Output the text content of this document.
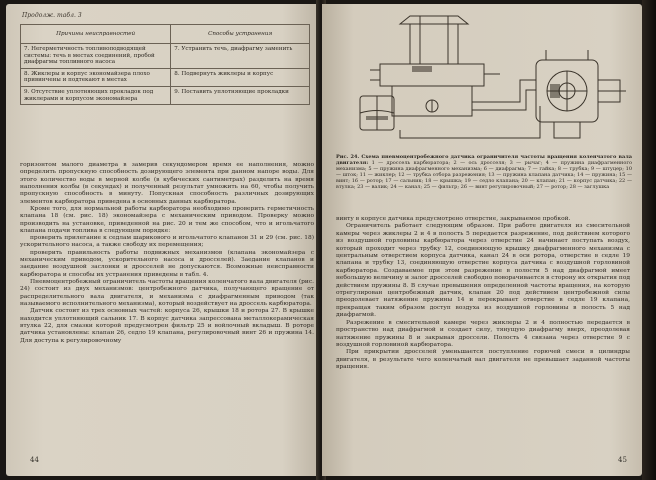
Продолж. табл. 3
Причины неисправностей	Способы устранения
7. Негерметичность топливоподводящей системы: течь в местах соединений, пробой диафрагмы топливного насоса	7. Устранить течь, диафрагму заменить
8. Жиклеры и корпус экономайзера плохо привинчены и подтекают в местах	8. Подвернуть жиклеры и корпус
9. Отсутствие уплотняющих прокладок под жиклерами и корпусом экономайзера	9. Поставить уплотняющие прокладки

горизонтом малого диаметра в замерив секундомером время ее наполнения, можно определить пропускную способность дозирующего элемента при данном напоре воды. Для этого количество воды в мерной колбе (в кубических сантиметрах) разделить на время наполнения колбы (в секундах) и полученный результат умножить на 60, чтобы получить пропускную способность в минуту. Попускная способность различных дозирующих элементов карбюратора приведена в основных данных карбюратора.

Кроме того, для нормальной работы карбюратора необходимо проверить герметичность клапана 18 (см. рис. 18) экономайзера с механическим приводом. Проверку можно производить на установке, приведенной на рис. 20 и тем же способом, что и игольчатого клапана подачи топлива в следующем порядке:

проверить прилегание к седлам шарикового и игольчатого клапанов 31 и 29 (см. рис. 18) ускорительного насоса, а также свободу их перемещения;

проверить правильность работы подвижных механизмов (клапана экономайзера с механическим приводом, ускорительного насоса и дросселей). Заедание клапанов и заедание воздушной заслонки и дросселей не допускаются. Возможные неисправности карбюратора и способы их устранения приведены в табл. 4.

Пневмоцентробежный ограничитель частоты вращения коленчатого вала двигателя (рис. 24) состоит из двух механизмов: центробежного датчика, получающего вращение от распределительного вала двигателя, и механизма с диафрагменным приводом (так называемого исполнительного механизма), который воздействует на дроссель карбюратора.

Датчик состоит из трех основных частей: корпуса 26, крышки 18 и ротора 27. В крышке находится уплотняющий сальник 17. В корпус датчика запрессована металлокерамическая втулка 22, для смазки которой предусмотрен фильтр 25 и войлочный вкладыш. В роторе датчика установлены: клапан 26, седло 19 клапана, регулировочный винт 26 и пружина 14. Для доступа к регулировочному

44
Рис. 24. Схема пневмоцентробежного датчика ограничителя частоты вращения коленчатого вала двигателя: 1 — дроссель карбюратора; 2 — ось дросселя; 3 — рычаг; 4 — пружина диафрагменного механизма; 5 — пружина диафрагменного механизма; 6 — диафрагма; 7 — гайка; 8 — трубка; 9 — штуцер; 10 — шток; 11 — жиклер; 12 — трубка отбора разрежения; 13 — пружина клапана датчика; 14 — пружина; 15 — винт; 16 — ротор; 17 — сальник; 18 — крышка; 19 — седло клапана; 20 — клапан; 21 — корпус датчика; 22 — втулка; 23 — валик; 24 — канал; 25 — фильтр; 26 — винт регулировочный; 27 — ротор; 28 — заглушка

винту в корпусе датчика предусмотрено отверстие, закрываемое пробкой.

Ограничитель работает следующим образом. При работе двигателя из смесительной камеры через жиклеры 2 и 4 в полость 5 передается разрежение, под действием которого из воздушной горловины карбюратора через отверстие 24 начинает поступать воздух, который проходит через трубку 12, соединяющую крышку диафрагменного механизма с центральным отверстием корпуса датчика, канал 24 в оси ротора, отверстие в седле 19 клапана и трубку 13, соединяющую отверстие корпуса датчика с воздушной горловиной карбюратора. Создаваемое при этом разрежение в полости 5 над диафрагмой имеет небольшую величину и залог дросселей свободно поворачивается в сторону их открытия под действием пружины 8. В случае превышения определенной частоты вращения, на которую отрегулирован центробежный датчик, клапан 20 под действием центробежной силы преодолевает натяжение пружины 14 и перекрывает отверстие в седле 19 клапана, прекращая таким образом доступ воздуха из воздушной горловины в полость 5 над диафрагмой.

Разрежение в смесительной камере через жиклеры 2 и 4 полностью передается в пространство над диафрагмой и создает силу, тянущую диафрагму вверх, преодолевая натяжение пружины 8 и закрывая дроссели. Полость 4 связана через отверстие 9 с воздушной горловиной карбюратора.

При прикрытии дросселей уменьшается поступление горючей смеси в цилиндры двигателя, в результате чего коленчатый вал двигателя не превышает заданной частоты вращения.

45
